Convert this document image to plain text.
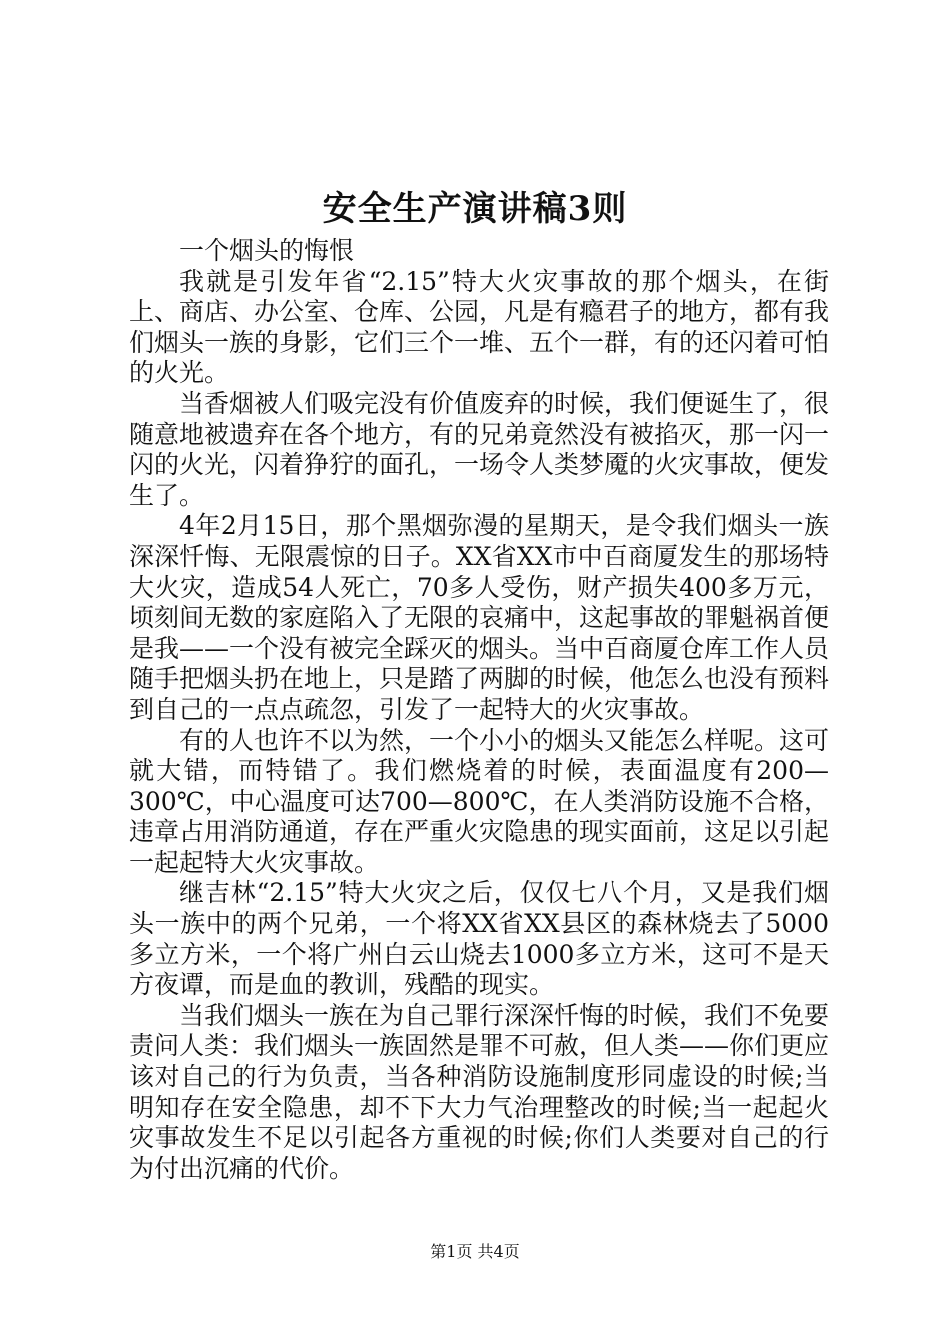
安全生产演讲稿3则

一个烟头的悔恨

我就是引发年省“2.15”特大火灾事故的那个烟头，在街上、商店、办公室、仓库、公园，凡是有瘾君子的地方，都有我们烟头一族的身影，它们三个一堆、五个一群，有的还闪着可怕的火光。

当香烟被人们吸完没有价值废弃的时候，我们便诞生了，很随意地被遗弃在各个地方，有的兄弟竟然没有被掐灭，那一闪一闪的火光，闪着狰狞的面孔，一场令人类梦魇的火灾事故，便发生了。

4年2月15日，那个黑烟弥漫的星期天，是令我们烟头一族深深忏悔、无限震惊的日子。XX省XX市中百商厦发生的那场特大火灾，造成54人死亡，70多人受伤，财产损失400多万元，顷刻间无数的家庭陷入了无限的哀痛中，这起事故的罪魁祸首便是我——一个没有被完全踩灭的烟头。当中百商厦仓库工作人员随手把烟头扔在地上，只是踏了两脚的时候，他怎么也没有预料到自己的一点点疏忽，引发了一起特大的火灾事故。

有的人也许不以为然，一个小小的烟头又能怎么样呢。这可就大错，而特错了。我们燃烧着的时候，表面温度有200—300℃，中心温度可达700—800℃，在人类消防设施不合格，违章占用消防通道，存在严重火灾隐患的现实面前，这足以引起一起起特大火灾事故。

继吉林“2.15”特大火灾之后，仅仅七八个月，又是我们烟头一族中的两个兄弟，一个将XX省XX县区的森林烧去了5000多立方米，一个将广州白云山烧去1000多立方米，这可不是天方夜谭，而是血的教训，残酷的现实。

当我们烟头一族在为自己罪行深深忏悔的时候，我们不免要责问人类：我们烟头一族固然是罪不可赦，但人类——你们更应该对自己的行为负责，当各种消防设施制度形同虚设的时候;当明知存在安全隐患，却不下大力气治理整改的时候;当一起起火灾事故发生不足以引起各方重视的时候;你们人类要对自己的行为付出沉痛的代价。

第1页 共4页
